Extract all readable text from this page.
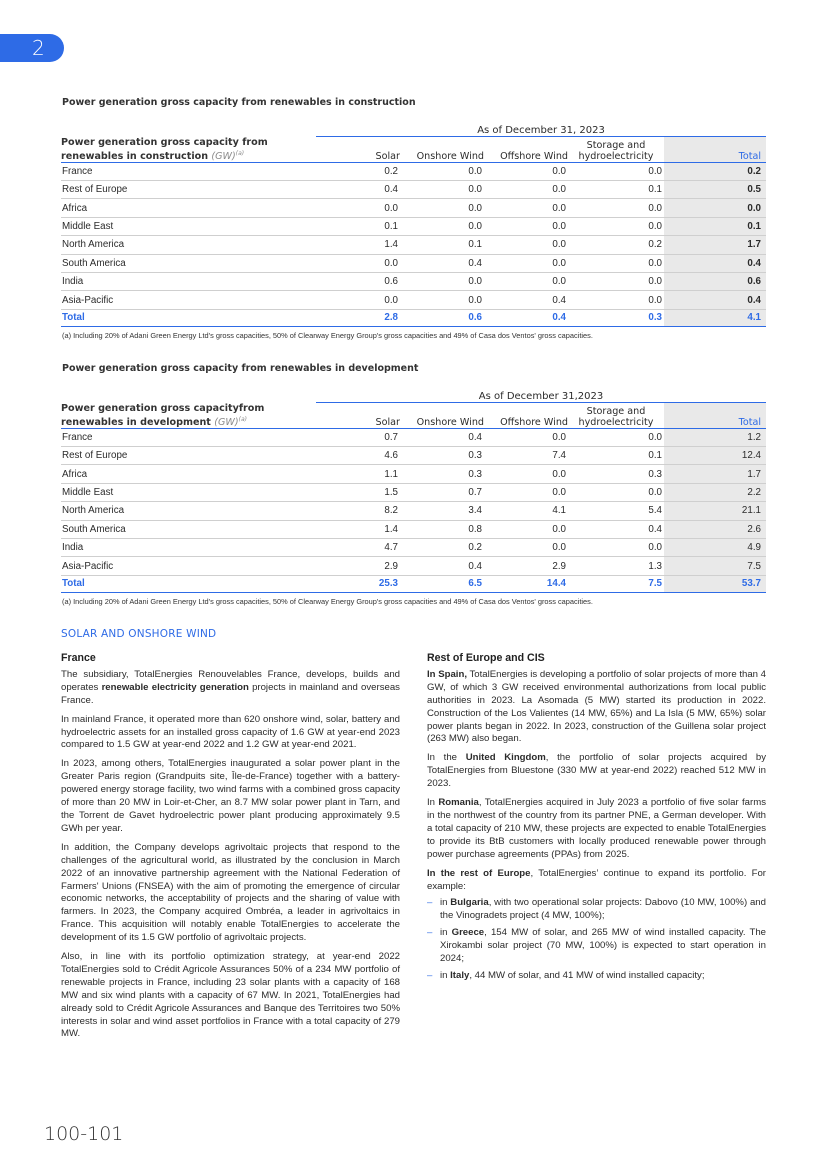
2
Power generation gross capacity from renewables in construction
	As of December 31, 2023				
Power generation gross capacity from
renewables in construction (GW)$^{(a)}$	Solar	Onshore Wind	Offshore Wind	Storage and
hydroelectricity	Total
France	0.2	0.0	0.0	0.0	0.2
Rest of Europe	0.4	0.0	0.0	0.1	0.5
Africa	0.0	0.0	0.0	0.0	0.0
Middle East	0.1	0.0	0.0	0.0	0.1
North America	1.4	0.1	0.0	0.2	1.7
South America	0.0	0.4	0.0	0.0	0.4
India	0.6	0.0	0.0	0.0	0.6
Asia-Pacific	0.0	0.0	0.4	0.0	0.4
Total	2.8	0.6	0.4	0.3	4.1
(a) Including 20% of Adani Green Energy Ltd's gross capacities, 50% of Clearway Energy Group's gross capacities and 49% of Casa dos Ventos' gross capacities.
Power generation gross capacity from renewables in development
	As of December 31,2023				
Power generation gross capacityfrom
renewables in development (GW)$^{(a)}$	Solar	Onshore Wind	Offshore Wind	Storage and
hydroelectricity	Total
France	0.7	0.4	0.0	0.0	1.2
Rest of Europe	4.6	0.3	7.4	0.1	12.4
Africa	1.1	0.3	0.0	0.3	1.7
Middle East	1.5	0.7	0.0	0.0	2.2
North America	8.2	3.4	4.1	5.4	21.1
South America	1.4	0.8	0.0	0.4	2.6
India	4.7	0.2	0.0	0.0	4.9
Asia-Pacific	2.9	0.4	2.9	1.3	7.5
Total	25.3	6.5	14.4	7.5	53.7
(a) Including 20% of Adani Green Energy Ltd's gross capacities, 50% of Clearway Energy Group's gross capacities and 49% of Casa dos Ventos' gross capacities.
SOLAR AND ONSHORE WIND
France

The subsidiary, TotalEnergies Renouvelables France, develops, builds and operates renewable electricity generation projects in mainland and overseas France.

In mainland France, it operated more than 620 onshore wind, solar, battery and hydroelectric assets for an installed gross capacity of 1.6 GW at year-end 2023 compared to 1.5 GW at year-end 2022 and 1.2 GW at year-end 2021.

In 2023, among others, TotalEnergies inaugurated a solar power plant in the Greater Paris region (Grandpuits site, Île-de-France) together with a battery-powered energy storage facility, two wind farms with a combined gross capacity of more than 20 MW in Loir-et-Cher, an 8.7 MW solar power plant in Tarn, and the Torrent de Gavet hydroelectric power plant producing approximately 9.5 GWh per year.

In addition, the Company develops agrivoltaic projects that respond to the challenges of the agricultural world, as illustrated by the conclusion in March 2022 of an innovative partnership agreement with the National Federation of Farmers' Unions (FNSEA) with the aim of promoting the emergence of circular economic networks, the acceptability of projects and the sharing of value with farmers. In 2023, the Company acquired Ombréa, a leader in agrivoltaics in France. This acquisition will notably enable TotalEnergies to accelerate the development of its 1.5 GW portfolio of agrivoltaic projects.

Also, in line with its portfolio optimization strategy, at year-end 2022 TotalEnergies sold to Crédit Agricole Assurances 50% of a 234 MW portfolio of renewable projects in France, including 23 solar plants with a capacity of 168 MW and six wind plants with a capacity of 67 MW. In 2021, TotalEnergies had already sold to Crédit Agricole Assurances and Banque des Territoires two 50% interests in solar and wind asset portfolios in France with a total capacity of 279 MW.

Rest of Europe and CIS

In Spain, TotalEnergies is developing a portfolio of solar projects of more than 4 GW, of which 3 GW received environmental authorizations from local public authorities in 2023. La Asomada (5 MW) started its production in 2022. Construction of the Los Valientes (14 MW, 65%) and La Isla (5 MW, 65%) solar power plants began in 2022. In 2023, construction of the Guillena solar project (263 MW) also began.

In the United Kingdom, the portfolio of solar projects acquired by TotalEnergies from Bluestone (330 MW at year-end 2022) reached 512 MW in 2023.

In Romania, TotalEnergies acquired in July 2023 a portfolio of five solar farms in the northwest of the country from its partner PNE, a German developer. With a total capacity of 210 MW, these projects are expected to enable TotalEnergies to provide its BtB customers with locally produced renewable power through power purchase agreements (PPAs) from 2025.

In the rest of Europe, TotalEnergies’ continue to expand its portfolio. For example:

– in Bulgaria, with two operational solar projects: Dabovo (10 MW, 100%) and the Vinogradets project (4 MW, 100%);
– in Greece, 154 MW of solar, and 265 MW of wind installed capacity. The Xirokambi solar project (70 MW, 100%) is expected to start operation in 2024;
– in Italy, 44 MW of solar, and 41 MW of wind installed capacity;
100-101
